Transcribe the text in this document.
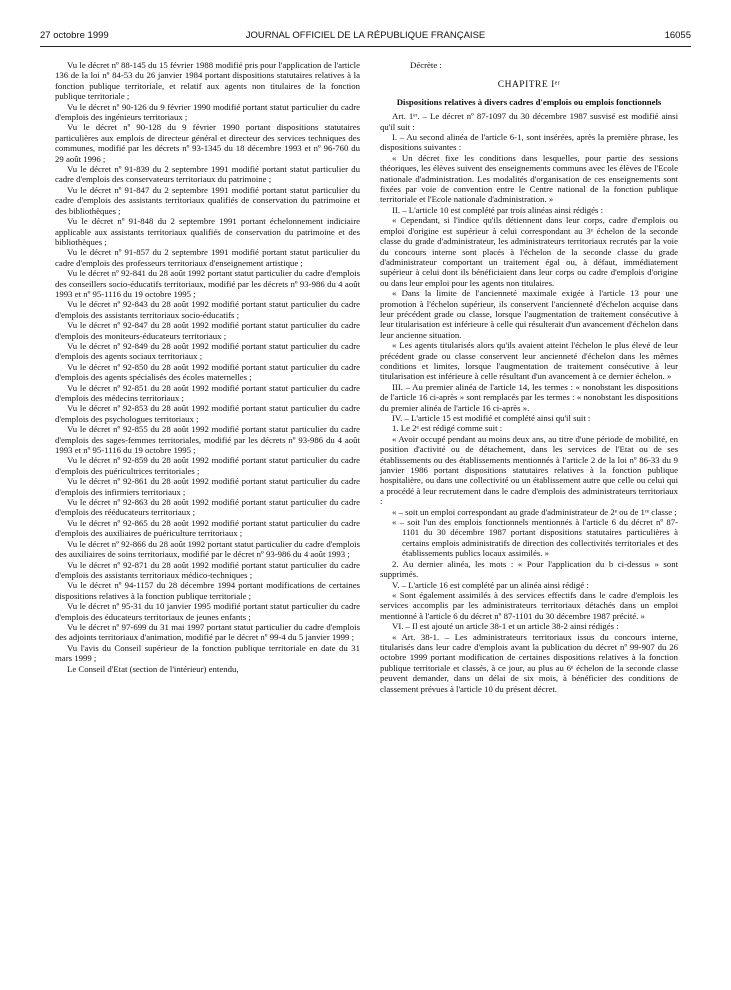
27 octobre 1999	JOURNAL OFFICIEL DE LA RÉPUBLIQUE FRANÇAISE	16055

Vu le décret nº 88-145 du 15 février 1988 modifié pris pour l'application de l'article 136 de la loi nº 84-53 du 26 janvier 1984 portant dispositions statutaires relatives à la fonction publique territoriale, et relatif aux agents non titulaires de la fonction publique territoriale ;

Vu le décret nº 90-126 du 9 février 1990 modifié portant statut particulier du cadre d'emplois des ingénieurs territoriaux ;

Vu le décret nº 90-128 du 9 février 1990 portant dispositions statutaires particulières aux emplois de directeur général et directeur des services techniques des communes, modifié par les décrets nº 93-1345 du 18 décembre 1993 et nº 96-760 du 29 août 1996 ;

Vu le décret nº 91-839 du 2 septembre 1991 modifié portant statut particulier du cadre d'emplois des conservateurs territoriaux du patrimoine ;

Vu le décret nº 91-847 du 2 septembre 1991 modifié portant statut particulier du cadre d'emplois des assistants territoriaux qualifiés de conservation du patrimoine et des bibliothèques ;

Vu le décret nº 91-848 du 2 septembre 1991 portant échelonnement indiciaire applicable aux assistants territoriaux qualifiés de conservation du patrimoine et des bibliothèques ;

Vu le décret nº 91-857 du 2 septembre 1991 modifié portant statut particulier du cadre d'emplois des professeurs territoriaux d'enseignement artistique ;

Vu le décret nº 92-841 du 28 août 1992 portant statut particulier du cadre d'emplois des conseillers socio-éducatifs territoriaux, modifié par les décrets nº 93-986 du 4 août 1993 et nº 95-1116 du 19 octobre 1995 ;

Vu le décret nº 92-843 du 28 août 1992 modifié portant statut particulier du cadre d'emplois des assistants territoriaux socio-éducatifs ;

Vu le décret nº 92-847 du 28 août 1992 modifié portant statut particulier du cadre d'emplois des moniteurs-éducateurs territoriaux ;

Vu le décret nº 92-849 du 28 août 1992 modifié portant statut particulier du cadre d'emplois des agents sociaux territoriaux ;

Vu le décret nº 92-850 du 28 août 1992 modifié portant statut particulier du cadre d'emplois des agents spécialisés des écoles maternelles ;

Vu le décret nº 92-851 du 28 août 1992 modifié portant statut particulier du cadre d'emplois des médecins territoriaux ;

Vu le décret nº 92-853 du 28 août 1992 modifié portant statut particulier du cadre d'emplois des psychologues territoriaux ;

Vu le décret nº 92-855 du 28 août 1992 modifié portant statut particulier du cadre d'emplois des sages-femmes territoriales, modifié par les décrets nº 93-986 du 4 août 1993 et nº 95-1116 du 19 octobre 1995 ;

Vu le décret nº 92-859 du 28 août 1992 modifié portant statut particulier du cadre d'emplois des puéricultrices territoriales ;

Vu le décret nº 92-861 du 28 août 1992 modifié portant statut particulier du cadre d'emplois des infirmiers territoriaux ;

Vu le décret nº 92-863 du 28 août 1992 modifié portant statut particulier du cadre d'emplois des rééducateurs territoriaux ;

Vu le décret nº 92-865 du 28 août 1992 modifié portant statut particulier du cadre d'emplois des auxiliaires de puériculture territoriaux ;

Vu le décret nº 92-866 du 28 août 1992 portant statut particulier du cadre d'emplois des auxiliaires de soins territoriaux, modifié par le décret nº 93-986 du 4 août 1993 ;

Vu le décret nº 92-871 du 28 août 1992 modifié portant statut particulier du cadre d'emplois des assistants territoriaux médico-techniques ;

Vu le décret nº 94-1157 du 28 décembre 1994 portant modifications de certaines dispositions relatives à la fonction publique territoriale ;

Vu le décret nº 95-31 du 10 janvier 1995 modifié portant statut particulier du cadre d'emplois des éducateurs territoriaux de jeunes enfants ;

Vu le décret nº 97-699 du 31 mai 1997 portant statut particulier du cadre d'emplois des adjoints territoriaux d'animation, modifié par le décret nº 99-4 du 5 janvier 1999 ;

Vu l'avis du Conseil supérieur de la fonction publique territoriale en date du 31 mars 1999 ;

Le Conseil d'Etat (section de l'intérieur) entendu,

Décrète :

CHAPITRE Iᵉʳ

Dispositions relatives à divers cadres d'emplois ou emplois fonctionnels

Art. 1ᵉʳ. – Le décret nº 87-1097 du 30 décembre 1987 susvisé est modifié ainsi qu'il suit :

I. – Au second alinéa de l'article 6-1, sont insérées, après la première phrase, les dispositions suivantes :

« Un décret fixe les conditions dans lesquelles, pour partie des sessions théoriques, les élèves suivent des enseignements communs avec les élèves de l'Ecole nationale d'administration. Les modalités d'organisation de ces enseignements sont fixées par voie de convention entre le Centre national de la fonction publique territoriale et l'Ecole nationale d'administration. »

II. – L'article 10 est complété par trois alinéas ainsi rédigés :

« Cependant, si l'indice qu'ils détiennent dans leur corps, cadre d'emplois ou emploi d'origine est supérieur à celui correspondant au 3ᵉ échelon de la seconde classe du grade d'administrateur, les administrateurs territoriaux recrutés par la voie du concours interne sont placés à l'échelon de la seconde classe du grade d'administrateur comportant un traitement égal ou, à défaut, immédiatement supérieur à celui dont ils bénéficiaient dans leur corps ou cadre d'emplois d'origine ou dans leur emploi pour les agents non titulaires.

« Dans la limite de l'ancienneté maximale exigée à l'article 13 pour une promotion à l'échelon supérieur, ils conservent l'ancienneté d'échelon acquise dans leur précédent grade ou classe, lorsque l'augmentation de traitement consécutive à leur titularisation est inférieure à celle qui résulterait d'un avancement d'échelon dans leur ancienne situation.

« Les agents titularisés alors qu'ils avaient atteint l'échelon le plus élevé de leur précédent grade ou classe conservent leur ancienneté d'échelon dans les mêmes conditions et limites, lorsque l'augmentation de traitement consécutive à leur titularisation est inférieure à celle résultant d'un avancement à ce dernier échelon. »

III. – Au premier alinéa de l'article 14, les termes : « nonobstant les dispositions de l'article 16 ci-après » sont remplacés par les termes : « nonobstant les dispositions du premier alinéa de l'article 16 ci-après ».

IV. – L'article 15 est modifié et complété ainsi qu'il suit :

1. Le 2ᵉ est rédigé comme suit :

« Avoir occupé pendant au moins deux ans, au titre d'une période de mobilité, en position d'activité ou de détachement, dans les services de l'Etat ou de ses établissements ou des établissements mentionnés à l'article 2 de la loi nº 86-33 du 9 janvier 1986 portant dispositions statutaires relatives à la fonction publique hospitalière, ou dans une collectivité ou un établissement autre que celle ou celui qui a procédé à leur recrutement dans le cadre d'emplois des administrateurs territoriaux :

« – soit un emploi correspondant au grade d'administrateur de 2ᵉ ou de 1ʳᵉ classe ;

« – soit l'un des emplois fonctionnels mentionnés à l'article 6 du décret nº 87-1101 du 30 décembre 1987 portant dispositions statutaires particulières à certains emplois administratifs de direction des collectivités territoriales et des établissements publics locaux assimilés. »

2. Au dernier alinéa, les mots : « Pour l'application du b ci-dessus » sont supprimés.

V. – L'article 16 est complété par un alinéa ainsi rédigé :

« Sont également assimilés à des services effectifs dans le cadre d'emplois les services accomplis par les administrateurs territoriaux détachés dans un emploi mentionné à l'article 6 du décret nº 87-1101 du 30 décembre 1987 précité. »

VI. – Il est ajouté un article 38-1 et un article 38-2 ainsi rédigés :

« Art. 38-1. – Les administrateurs territoriaux issus du concours interne, titularisés dans leur cadre d'emplois avant la publication du décret nº 99-907 du 26 octobre 1999 portant modification de certaines dispositions relatives à la fonction publique territoriale et classés, à ce jour, au plus au 6ᵉ échelon de la seconde classe peuvent demander, dans un délai de six mois, à bénéficier des conditions de classement prévues à l'article 10 du présent décret.
